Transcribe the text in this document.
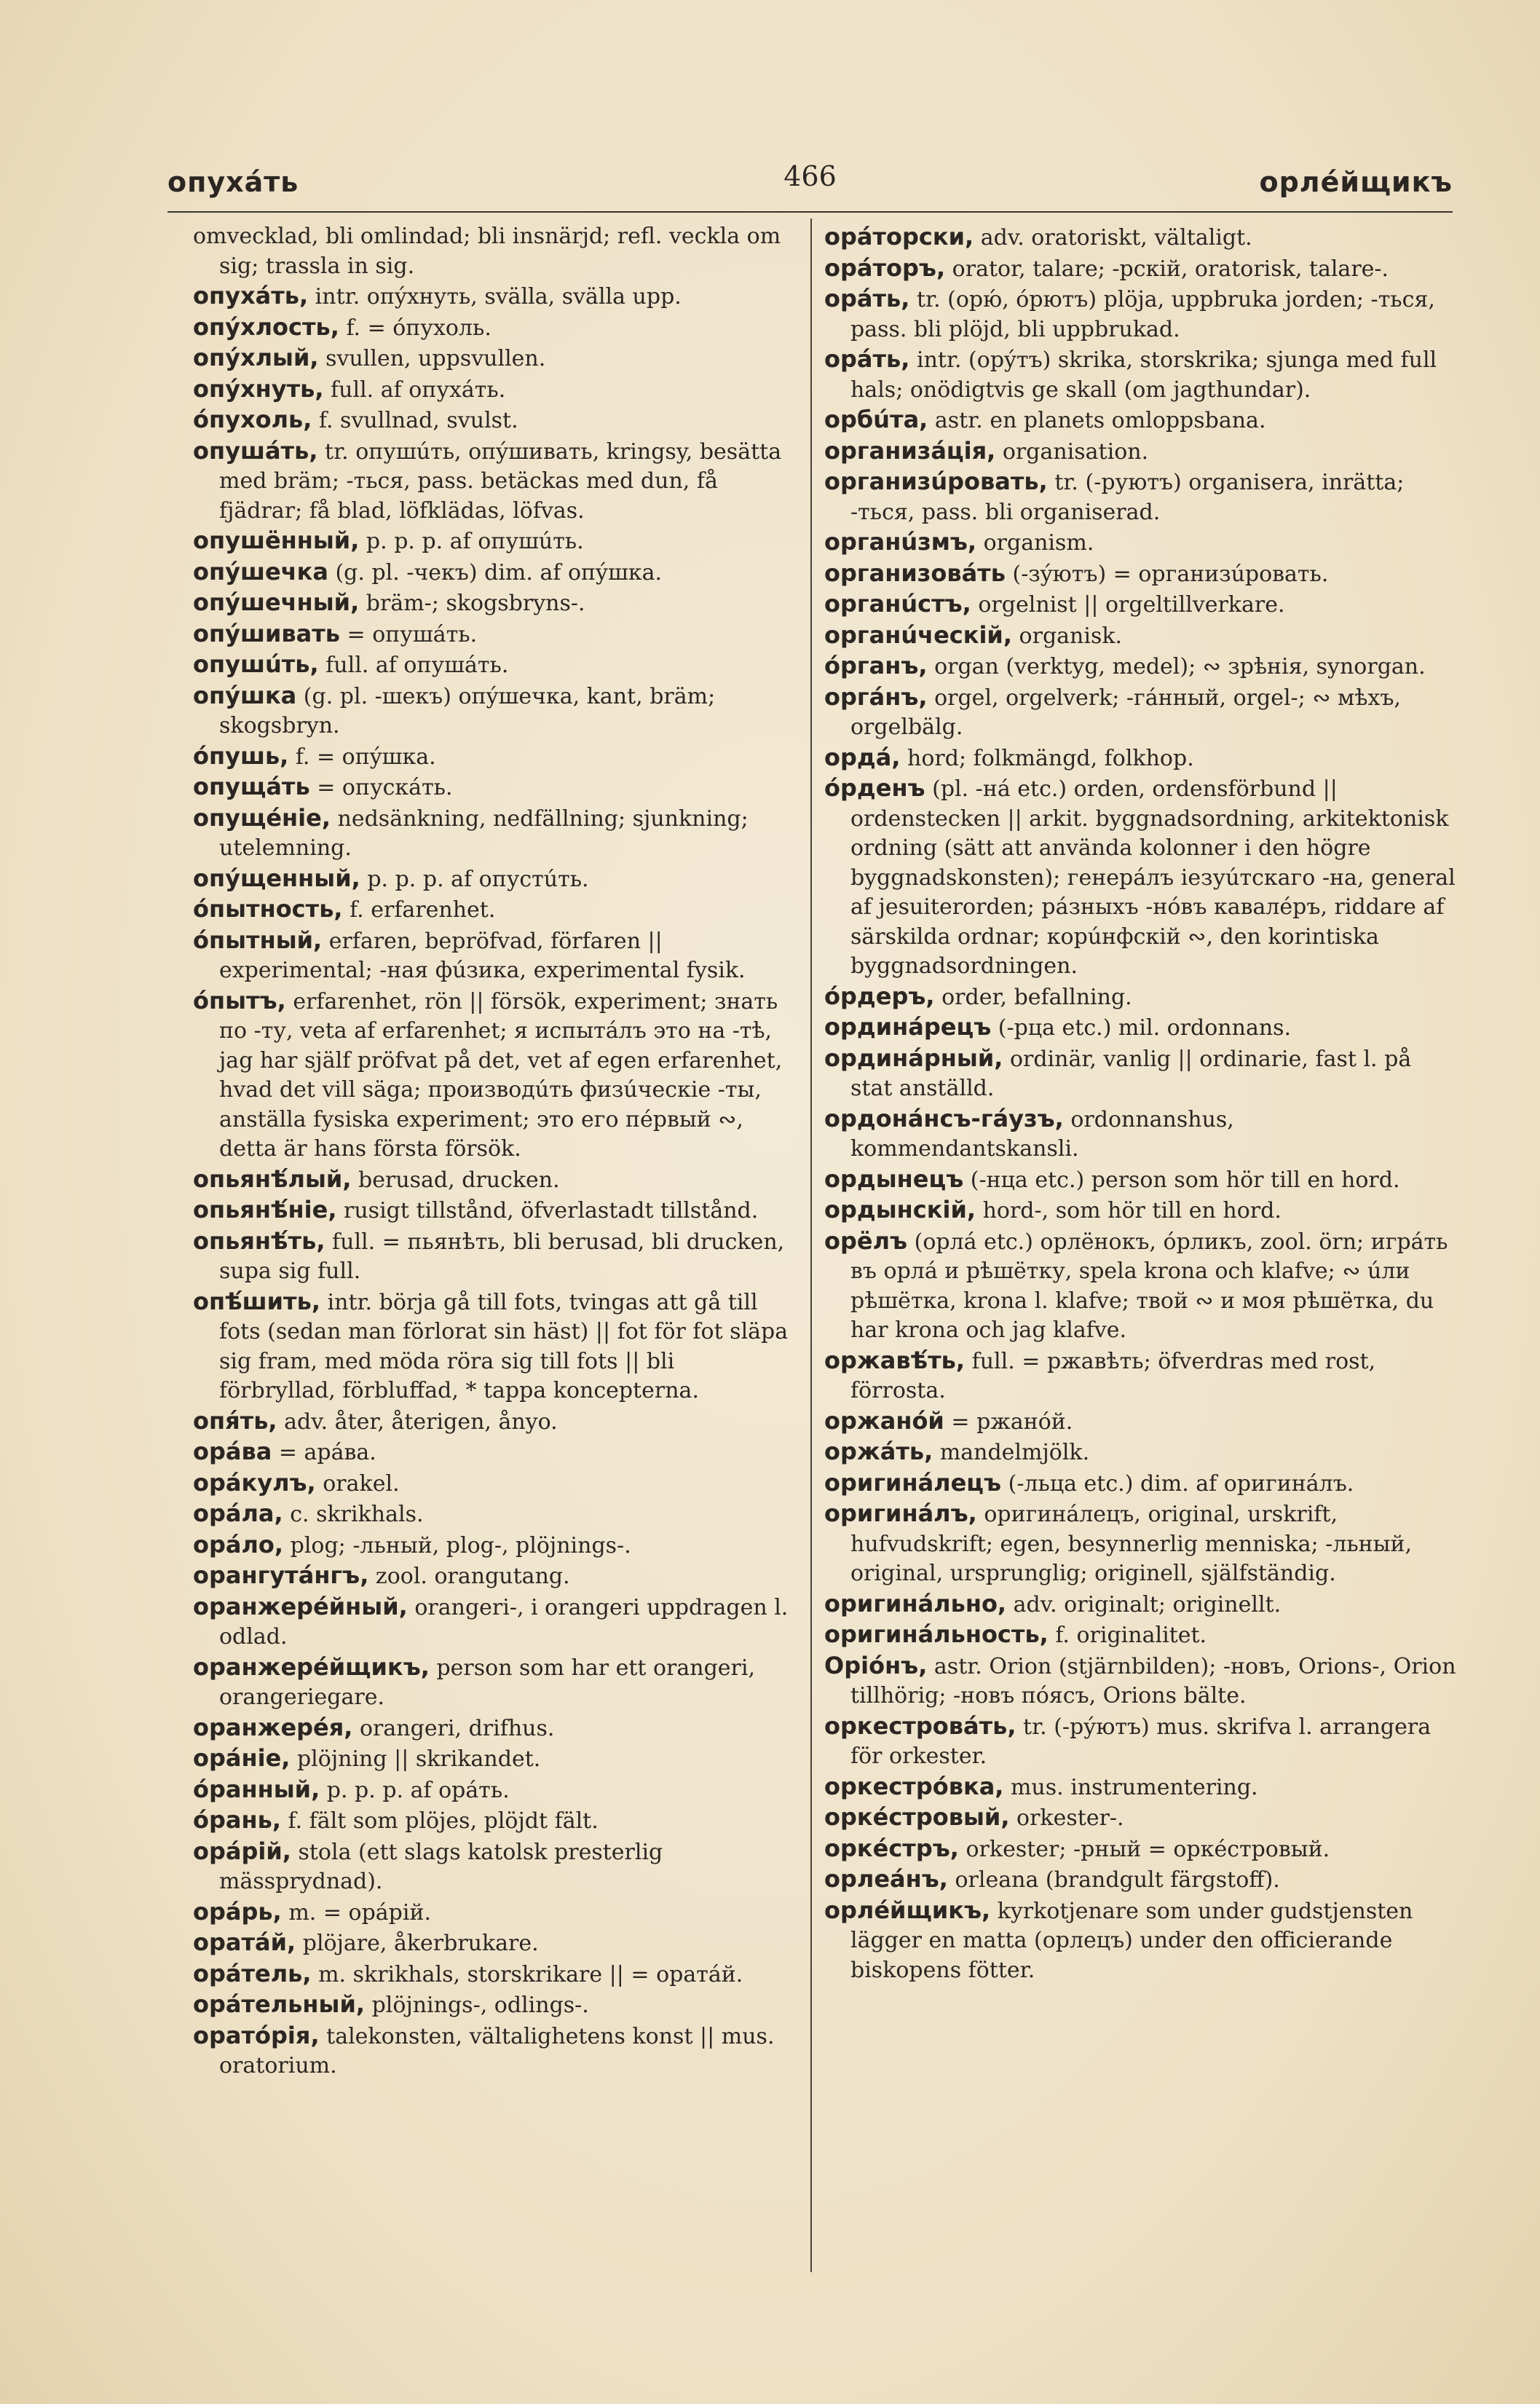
опухáть	466	орлéйщикъ

omvecklad, bli omlindad; bli insnärjd; refl. veckla om sig; trassla in sig.

опухáть, intr. опýхнуть, svälla, svälla upp.

опýхлость, f. = óпухоль.

опýхлый, svullen, uppsvullen.

опýхнуть, full. af опухáть.

óпухоль, f. svullnad, svulst.

опушáть, tr. опушúть, опýшивать, kringsy, besätta med bräm; -ться, pass. betäckas med dun, få fjädrar; få blad, löfklädas, löfvas.

опушённый, p. p. p. af опушúть.

опýшечка (g. pl. -чекъ) dim. af опýшка.

опýшечный, bräm-; skogsbryns-.

опýшивать = опушáть.

опушúть, full. af опушáть.

опýшка (g. pl. -шекъ) опýшечка, kant, bräm; skogsbryn.

óпушь, f. = опýшка.

опущáть = опускáть.

опущéніе, nedsänkning, nedfällning; sjunkning; utelemning.

опýщенный, p. p. p. af опустúть.

óпытность, f. erfarenhet.

óпытный, erfaren, bepröfvad, förfaren || experimental; -ная фúзика, experimental fysik.

óпытъ, erfarenhet, rön || försök, experiment; знать по -ту, veta af erfarenhet; я испытáлъ это на -тѣ, jag har själf pröfvat på det, vet af egen erfarenhet, hvad det vill säga; производúть физúческіе -ты, anställa fysiska experiment; это его пéрвый ∾, detta är hans första försök.

опьянѣ́лый, berusad, drucken.

опьянѣ́ніе, rusigt tillstånd, öfverlastadt tillstånd.

опьянѣ́ть, full. = пьянѣть, bli berusad, bli drucken, supa sig full.

опѣ́шить, intr. börja gå till fots, tvingas att gå till fots (sedan man förlorat sin häst) || fot för fot släpa sig fram, med möda röra sig till fots || bli förbryllad, förbluffad, * tappa koncepterna.

опя́ть, adv. åter, återigen, ånyo.

орáва = арáва.

орáкулъ, orakel.

орáла, c. skrikhals.

орáло, plog; -льный, plog-, plöjnings-.

орангутáнгъ, zool. orangutang.

оранжерéйный, orangeri-, i orangeri uppdragen l. odlad.

оранжерéйщикъ, person som har ett orangeri, orangeriegare.

оранжерéя, orangeri, drifhus.

орáніе, plöjning || skrikandet.

óранный, p. p. p. af орáть.

óрань, f. fält som plöjes, plöjdt fält.

орáрій, stola (ett slags katolsk presterlig mässprydnad).

орáрь, m. = орáрій.

оратáй, plöjare, åkerbrukare.

орáтель, m. skrikhals, storskrikare || = оратáй.

орáтельный, plöjnings-, odlings-.

оратóрія, talekonsten, vältalighetens konst || mus. oratorium.

орáторски, adv. oratoriskt, vältaligt.

орáторъ, orator, talare; -рскій, oratorisk, talare-.

орáть, tr. (орю́, óрютъ) plöja, uppbruka jorden; -ться, pass. bli plöjd, bli uppbrukad.

орáть, intr. (орýтъ) skrika, storskrika; sjunga med full hals; onödigtvis ge skall (om jagthundar).

орбúта, astr. en planets omloppsbana.

организáція, organisation.

организúровать, tr. (-руютъ) organisera, inrätta; -ться, pass. bli organiserad.

органúзмъ, organism.

организовáть (-зýютъ) = организúровать.

органúстъ, orgelnist || orgeltillverkare.

органúческій, organisk.

óрганъ, organ (verktyg, medel); ∾ зрѣнія, synorgan.

оргáнъ, orgel, orgelverk; -гáнный, orgel-; ∾ мѣхъ, orgelbälg.

ордá, hord; folkmängd, folkhop.

óрденъ (pl. -нá etc.) orden, ordensförbund || ordenstecken || arkit. byggnadsordning, arkitektonisk ordning (sätt att använda kolonner i den högre byggnadskonsten); генерáлъ іезуúтскаго -на, general af jesuiterorden; рáзныхъ -нóвъ кавалéръ, riddare af särskilda ordnar; корúнфскій ∾, den korintiska byggnadsordningen.

óрдеръ, order, befallning.

ординáрецъ (-рца etc.) mil. ordonnans.

ординáрный, ordinär, vanlig || ordinarie, fast l. på stat anställd.

ордонáнсъ-гáузъ, ordonnanshus, kommendantskansli.

ордынецъ (-нца etc.) person som hör till en hord.

ордынскій, hord-, som hör till en hord.

орёлъ (орлá etc.) орлёнокъ, óрликъ, zool. örn; игрáть въ орлá и рѣшётку, spela krona och klafve; ∾ úли рѣшётка, krona l. klafve; твой ∾ и моя рѣшётка, du har krona och jag klafve.

оржавѣ́ть, full. = ржавѣть; öfverdras med rost, förrosta.

оржанóй = ржанóй.

оржáть, mandelmjölk.

оригинáлецъ (-льца etc.) dim. af оригинáлъ.

оригинáлъ, оригинáлецъ, original, urskrift, hufvudskrift; egen, besynnerlig menniska; -льный, original, ursprunglig; originell, själfständig.

оригинáльно, adv. originalt; originellt.

оригинáльность, f. originalitet.

Оріóнъ, astr. Orion (stjärnbilden); -новъ, Orions-, Orion tillhörig; -новъ пóясъ, Orions bälte.

оркестровáть, tr. (-рýютъ) mus. skrifva l. arrangera för orkester.

оркестрóвка, mus. instrumentering.

оркéстровый, orkester-.

оркéстръ, orkester; -рный = оркéстровый.

орлеáнъ, orleana (brandgult färgstoff).

орлéйщикъ, kyrkotjenare som under gudstjensten lägger en matta (орлецъ) under den officierande biskopens fötter.
